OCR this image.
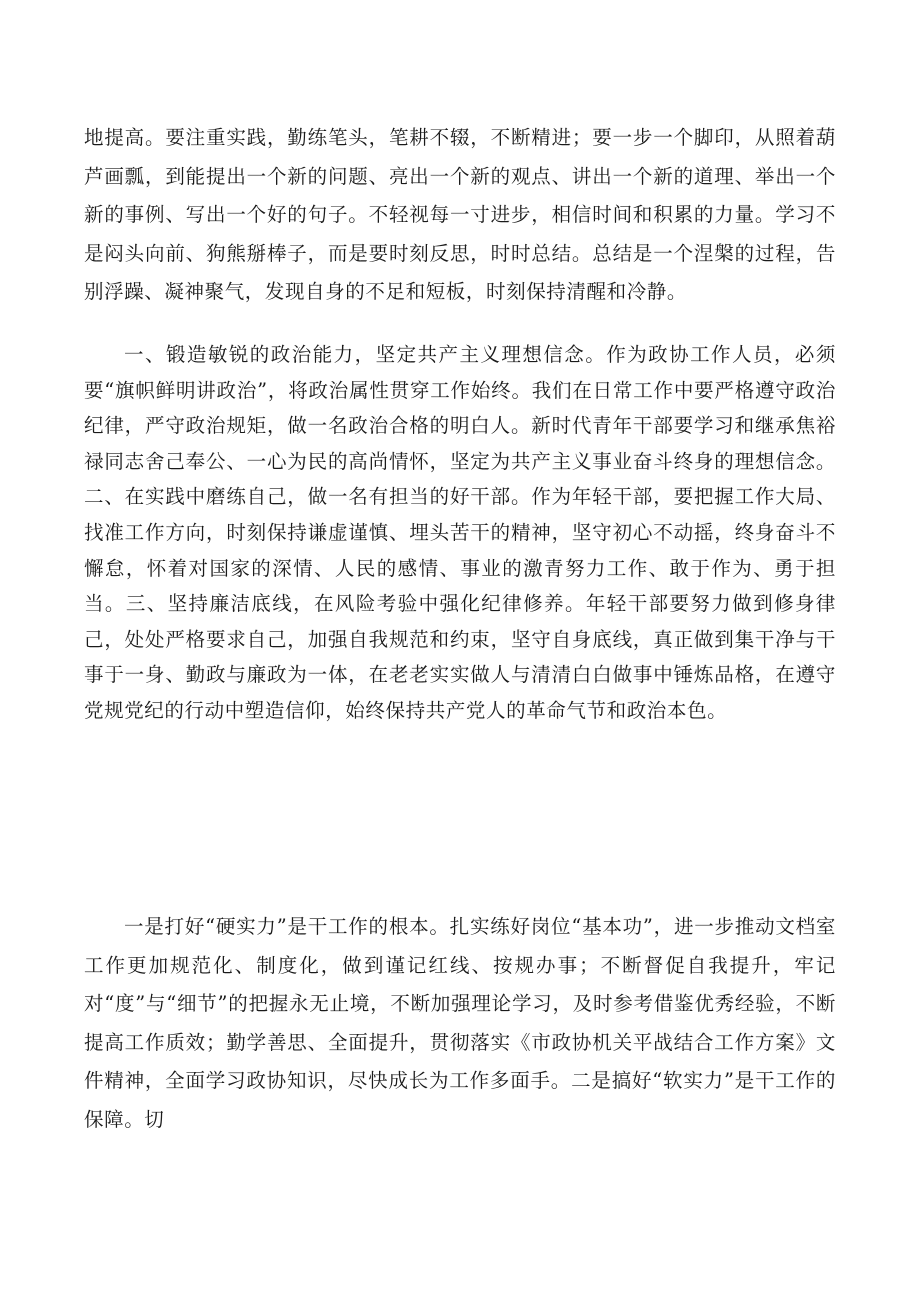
地提高。要注重实践，勤练笔头，笔耕不辍，不断精进；要一步一个脚印，从照着葫芦画瓢，到能提出一个新的问题、亮出一个新的观点、讲出一个新的道理、举出一个新的事例、写出一个好的句子。不轻视每一寸进步，相信时间和积累的力量。学习不是闷头向前、狗熊掰棒子，而是要时刻反思，时时总结。总结是一个涅槃的过程，告别浮躁、凝神聚气，发现自身的不足和短板，时刻保持清醒和冷静。

一、锻造敏锐的政治能力，坚定共产主义理想信念。作为政协工作人员，必须要“旗帜鲜明讲政治”，将政治属性贯穿工作始终。我们在日常工作中要严格遵守政治纪律，严守政治规矩，做一名政治合格的明白人。新时代青年干部要学习和继承焦裕禄同志舍己奉公、一心为民的高尚情怀，坚定为共产主义事业奋斗终身的理想信念。二、在实践中磨练自己，做一名有担当的好干部。作为年轻干部，要把握工作大局、找准工作方向，时刻保持谦虚谨慎、埋头苦干的精神，坚守初心不动摇，终身奋斗不懈怠，怀着对国家的深情、人民的感情、事业的激青努力工作、敢于作为、勇于担当。三、坚持廉洁底线，在风险考验中强化纪律修养。年轻干部要努力做到修身律己，处处严格要求自己，加强自我规范和约束，坚守自身底线，真正做到集干净与干事于一身、勤政与廉政为一体，在老老实实做人与清清白白做事中锤炼品格，在遵守党规党纪的行动中塑造信仰，始终保持共产党人的革命气节和政治本色。

一是打好“硬实力”是干工作的根本。扎实练好岗位“基本功”，进一步推动文档室工作更加规范化、制度化，做到谨记红线、按规办事；不断督促自我提升，牢记对“度”与“细节”的把握永无止境，不断加强理论学习，及时参考借鉴优秀经验，不断提高工作质效；勤学善思、全面提升，贯彻落实《市政协机关平战结合工作方案》文件精神，全面学习政协知识，尽快成长为工作多面手。二是搞好“软实力”是干工作的保障。切
